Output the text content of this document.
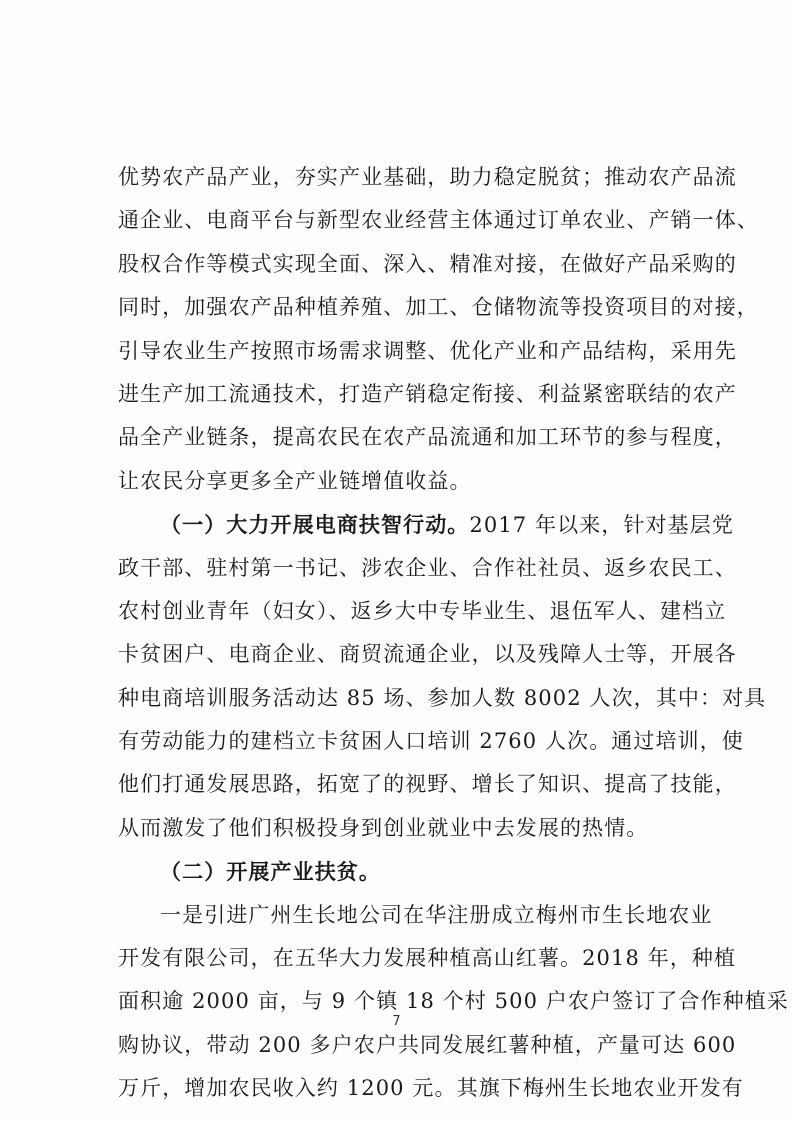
优势农产品产业，夯实产业基础，助力稳定脱贫；推动农产品流
通企业、电商平台与新型农业经营主体通过订单农业、产销一体、
股权合作等模式实现全面、深入、精准对接，在做好产品采购的
同时，加强农产品种植养殖、加工、仓储物流等投资项目的对接，
引导农业生产按照市场需求调整、优化产业和产品结构，采用先
进生产加工流通技术，打造产销稳定衔接、利益紧密联结的农产
品全产业链条，提高农民在农产品流通和加工环节的参与程度，
让农民分享更多全产业链增值收益。
（一）大力开展电商扶智行动。2017 年以来，针对基层党
政干部、驻村第一书记、涉农企业、合作社社员、返乡农民工、
农村创业青年（妇女）、返乡大中专毕业生、退伍军人、建档立
卡贫困户、电商企业、商贸流通企业，以及残障人士等，开展各
种电商培训服务活动达 85 场、参加人数 8002 人次，其中：对具
有劳动能力的建档立卡贫困人口培训 2760 人次。通过培训，使
他们打通发展思路，拓宽了的视野、增长了知识、提高了技能，
从而激发了他们积极投身到创业就业中去发展的热情。
（二）开展产业扶贫。
一是引进广州生长地公司在华注册成立梅州市生长地农业
开发有限公司，在五华大力发展种植高山红薯。2018 年，种植
面积逾 2000 亩，与 9 个镇 18 个村 500 户农户签订了合作种植采
购协议，带动 200 多户农户共同发展红薯种植，产量可达 600
万斤，增加农民收入约 1200 元。其旗下梅州生长地农业开发有
7
